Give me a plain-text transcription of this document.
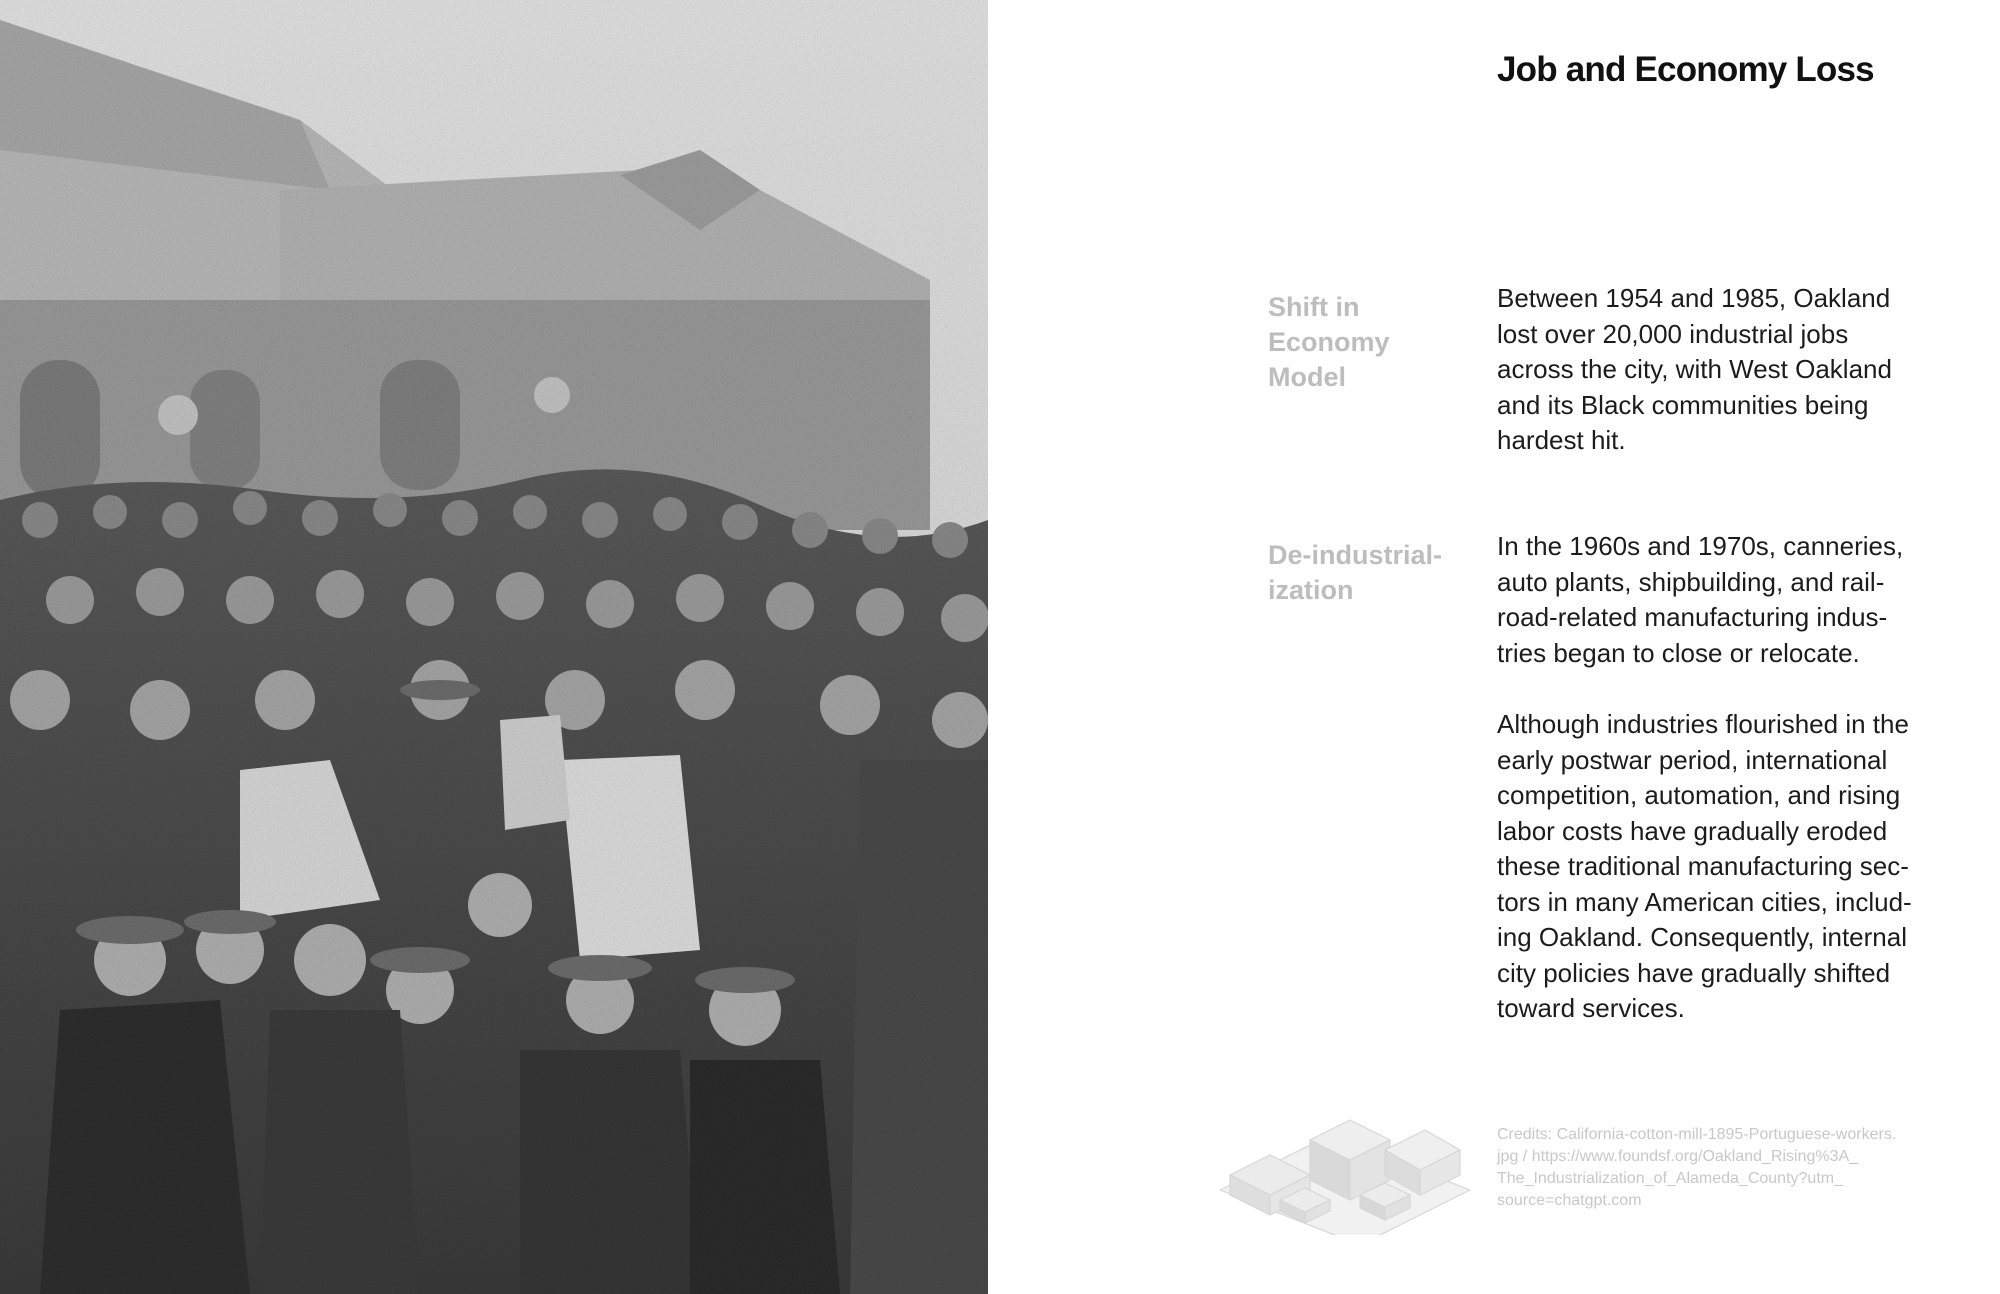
Job and Economy Loss
Shift in
Economy
Model
Between 1954 and 1985, Oakland
lost over 20,000 industrial jobs
across the city, with West Oakland
and its Black communities being
hardest hit.
De-industrial-
ization
In the 1960s and 1970s, canneries,
auto plants, shipbuilding, and rail-
road-related manufacturing indus-
tries began to close or relocate.
Although industries flourished in the
early postwar period, international
competition, automation, and rising
labor costs have gradually eroded
these traditional manufacturing sec-
tors in many American cities, includ-
ing Oakland. Consequently, internal
city policies have gradually shifted
toward services.
Credits: California-cotton-mill-1895-Portuguese-workers.
jpg / https://www.foundsf.org/Oakland_Rising%3A_
The_Industrialization_of_Alameda_County?utm_
source=chatgpt.com
